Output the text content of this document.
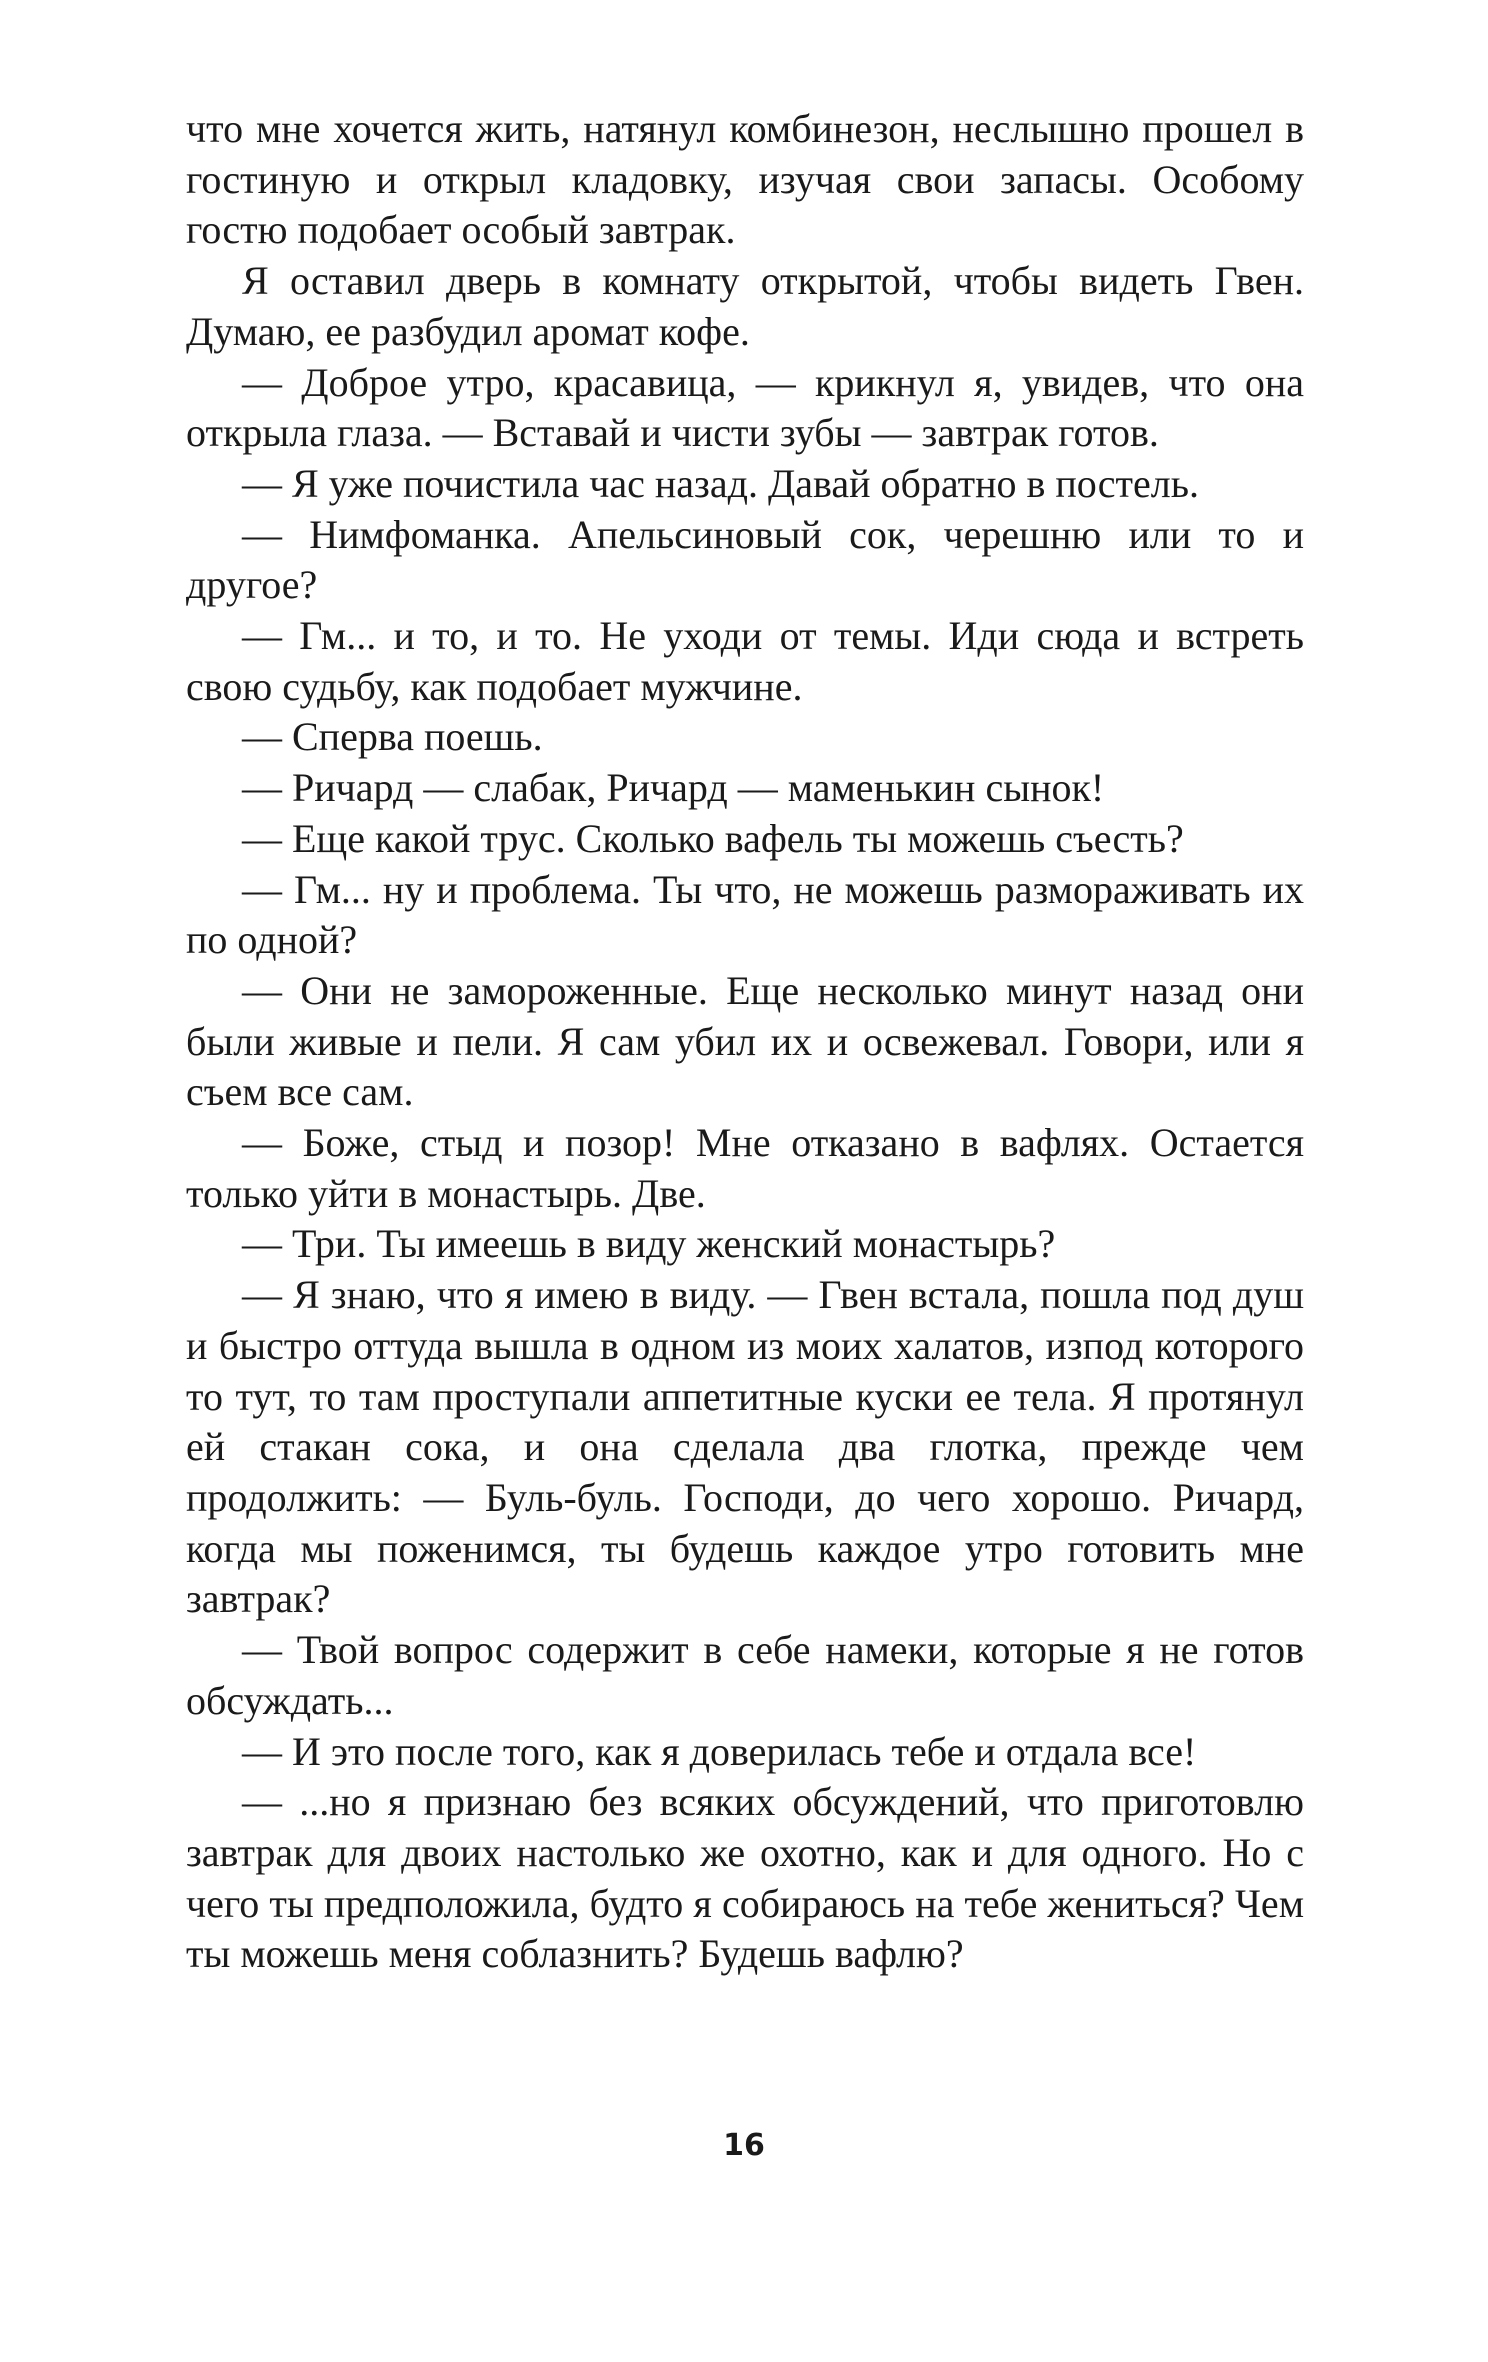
что мне хочется жить, натянул комбинезон, неслышно прошел в гостиную и открыл кладовку, изучая свои запасы. Особому гостю подобает особый завтрак.

Я оставил дверь в комнату открытой, чтобы видеть Гвен. Думаю, ее разбудил аромат кофе.

— Доброе утро, красавица, — крикнул я, увидев, что она открыла глаза. — Вставай и чисти зубы — завтрак готов.

— Я уже почистила час назад. Давай обратно в постель.

— Нимфоманка. Апельсиновый сок, черешню или то и другое?

— Гм... и то, и то. Не уходи от темы. Иди сюда и встреть свою судьбу, как подобает мужчине.

— Сперва поешь.

— Ричард — слабак, Ричард — маменькин сынок!

— Еще какой трус. Сколько вафель ты можешь съесть?

— Гм... ну и проблема. Ты что, не можешь размораживать их по одной?

— Они не замороженные. Еще несколько минут назад они были живые и пели. Я сам убил их и освежевал. Говори, или я съем все сам.

— Боже, стыд и позор! Мне отказано в вафлях. Остается только уйти в монастырь. Две.

— Три. Ты имеешь в виду женский монастырь?

— Я знаю, что я имею в виду. — Гвен встала, пошла под душ и быстро оттуда вышла в одном из моих халатов, изпод которого то тут, то там проступали аппетитные куски ее тела. Я протянул ей стакан сока, и она сделала два глотка, прежде чем продолжить: — Буль-буль. Господи, до чего хорошо. Ричард, когда мы поженимся, ты будешь каждое утро готовить мне завтрак?

— Твой вопрос содержит в себе намеки, которые я не готов обсуждать...

— И это после того, как я доверилась тебе и отдала все!

— ...но я признаю без всяких обсуждений, что приготовлю завтрак для двоих настолько же охотно, как и для одного. Но с чего ты предположила, будто я собираюсь на тебе жениться? Чем ты можешь меня соблазнить? Будешь вафлю?

16
